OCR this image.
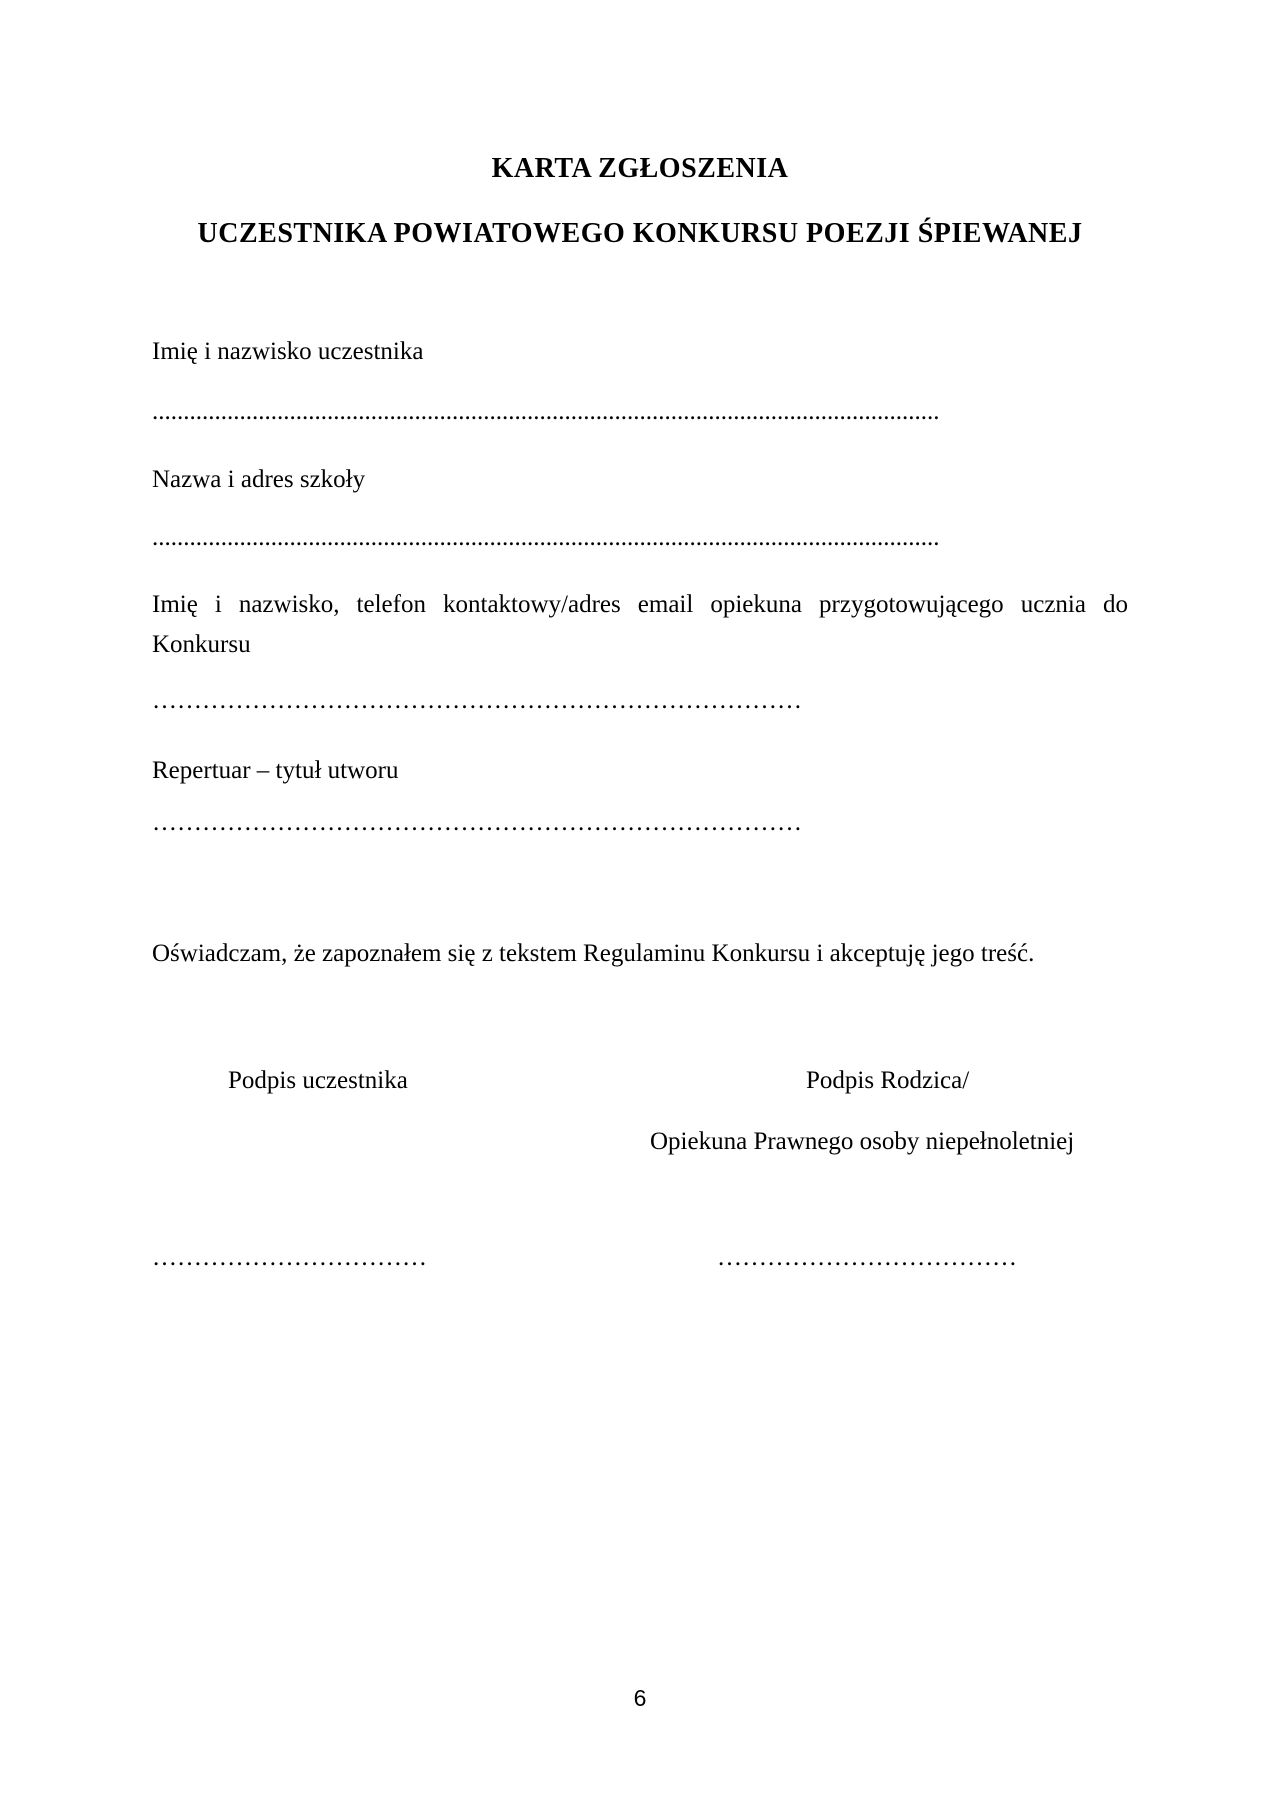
KARTA ZGŁOSZENIA
UCZESTNIKA POWIATOWEGO KONKURSU POEZJI ŚPIEWANEJ
Imię i nazwisko uczestnika
..............................................................................................................................
Nazwa i adres szkoły
..............................................................................................................................
Imię i nazwisko, telefon kontaktowy/adres email opiekuna przygotowującego ucznia do
Konkursu
……………………………………………………………………
Repertuar – tytuł utworu
……………………………………………………………………
Oświadczam, że zapoznałem się z tekstem Regulaminu Konkursu i akceptuję jego treść.
Podpis uczestnika	Podpis Rodzica/
Opiekuna Prawnego osoby niepełnoletniej
……………………………	………………………………
6
